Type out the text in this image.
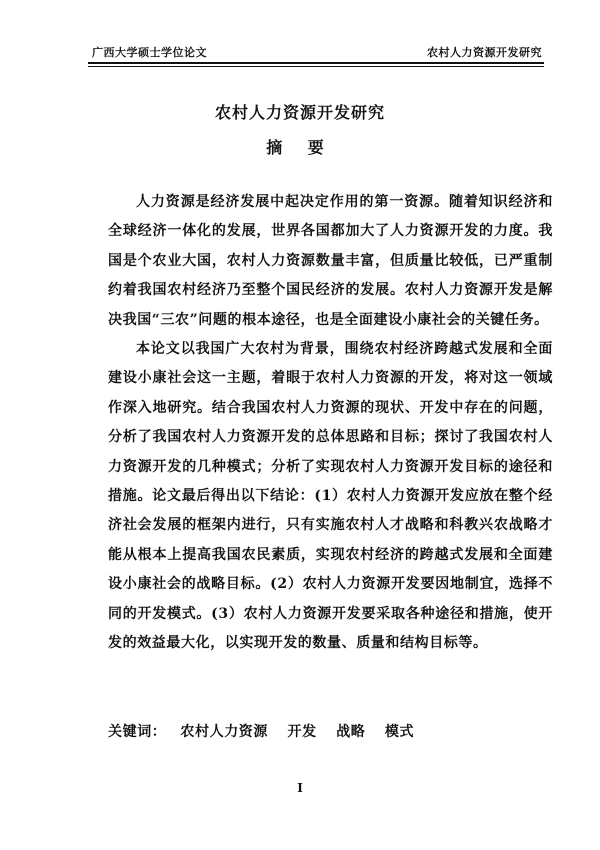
广西大学硕士学位论文	农村人力资源开发研究
农村人力资源开发研究
摘 要

人力资源是经济发展中起决定作用的第一资源。随着知识经济和全球经济一体化的发展，世界各国都加大了人力资源开发的力度。我国是个农业大国，农村人力资源数量丰富，但质量比较低，已严重制约着我国农村经济乃至整个国民经济的发展。农村人力资源开发是解决我国“三农”问题的根本途径，也是全面建设小康社会的关键任务。

本论文以我国广大农村为背景，围绕农村经济跨越式发展和全面建设小康社会这一主题，着眼于农村人力资源的开发，将对这一领域作深入地研究。结合我国农村人力资源的现状、开发中存在的问题，分析了我国农村人力资源开发的总体思路和目标；探讨了我国农村人力资源开发的几种模式；分析了实现农村人力资源开发目标的途径和措施。论文最后得出以下结论：(1）农村人力资源开发应放在整个经济社会发展的框架内进行，只有实施农村人才战略和科教兴农战略才能从根本上提高我国农民素质，实现农村经济的跨越式发展和全面建设小康社会的战略目标。(2）农村人力资源开发要因地制宜，选择不同的开发模式。(3）农村人力资源开发要采取各种途径和措施，使开发的效益最大化，以实现开发的数量、质量和结构目标等。

关键词： 农村人力资源 开发 战略 模式
I
